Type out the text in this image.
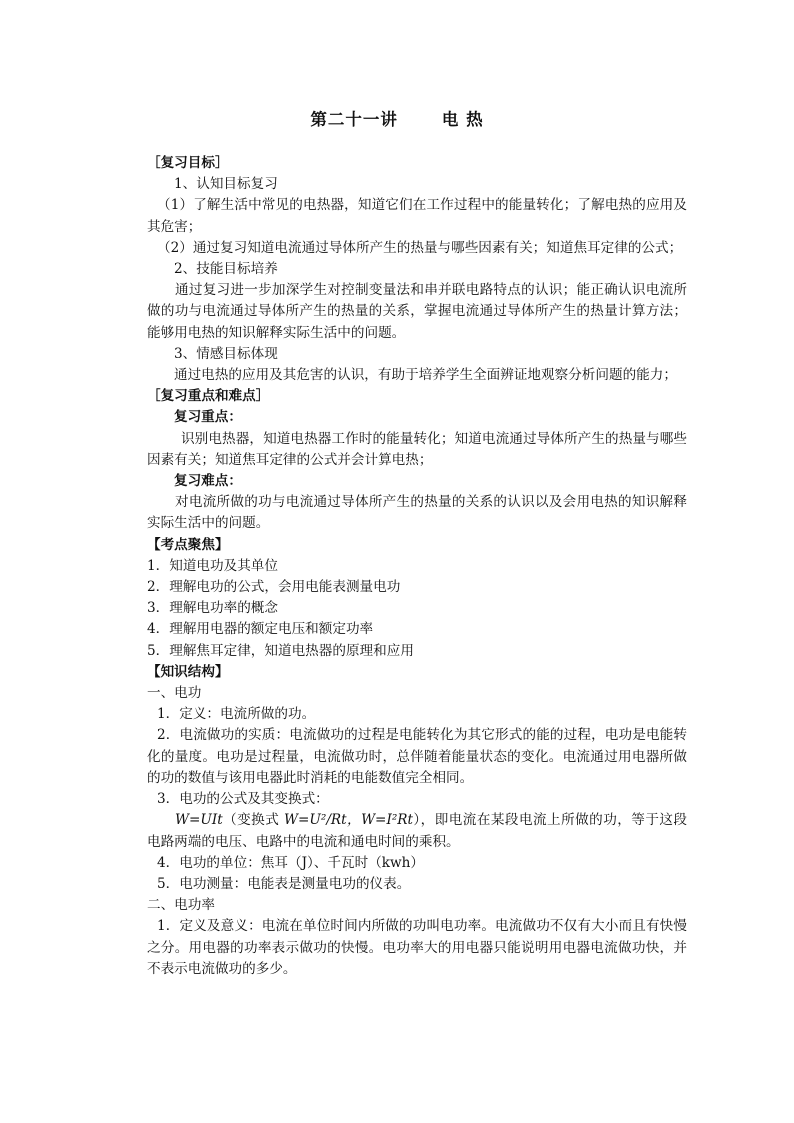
第二十一讲	电 热

［复习目标］

1、认知目标复习

（1）了解生活中常见的电热器，知道它们在工作过程中的能量转化；了解电热的应用及其危害；

（2）通过复习知道电流通过导体所产生的热量与哪些因素有关；知道焦耳定律的公式；

2、技能目标培养

通过复习进一步加深学生对控制变量法和串并联电路特点的认识；能正确认识电流所做的功与电流通过导体所产生的热量的关系，掌握电流通过导体所产生的热量计算方法；能够用电热的知识解释实际生活中的问题。

3、情感目标体现

通过电热的应用及其危害的认识，有助于培养学生全面辨证地观察分析问题的能力；

［复习重点和难点］

复习重点：

识别电热器，知道电热器工作时的能量转化；知道电流通过导体所产生的热量与哪些因素有关；知道焦耳定律的公式并会计算电热；

复习难点：

对电流所做的功与电流通过导体所产生的热量的关系的认识以及会用电热的知识解释实际生活中的问题。

【考点聚焦】

1．知道电功及其单位

2．理解电功的公式，会用电能表测量电功

3．理解电功率的概念

4．理解用电器的额定电压和额定功率

5．理解焦耳定律，知道电热器的原理和应用

【知识结构】

一、电功

1．定义：电流所做的功。

2．电流做功的实质：电流做功的过程是电能转化为其它形式的能的过程，电功是电能转化的量度。电功是过程量，电流做功时，总伴随着能量状态的变化。电流通过用电器所做的功的数值与该用电器此时消耗的电能数值完全相同。

3．电功的公式及其变换式：

W=UIt（变换式 W=U²/Rt，W=I²Rt），即电流在某段电流上所做的功，等于这段电路两端的电压、电路中的电流和通电时间的乘积。

4．电功的单位：焦耳（J）、千瓦时（kwh）

5．电功测量：电能表是测量电功的仪表。

二、电功率

1．定义及意义：电流在单位时间内所做的功叫电功率。电流做功不仅有大小而且有快慢之分。用电器的功率表示做功的快慢。电功率大的用电器只能说明用电器电流做功快，并不表示电流做功的多少。
